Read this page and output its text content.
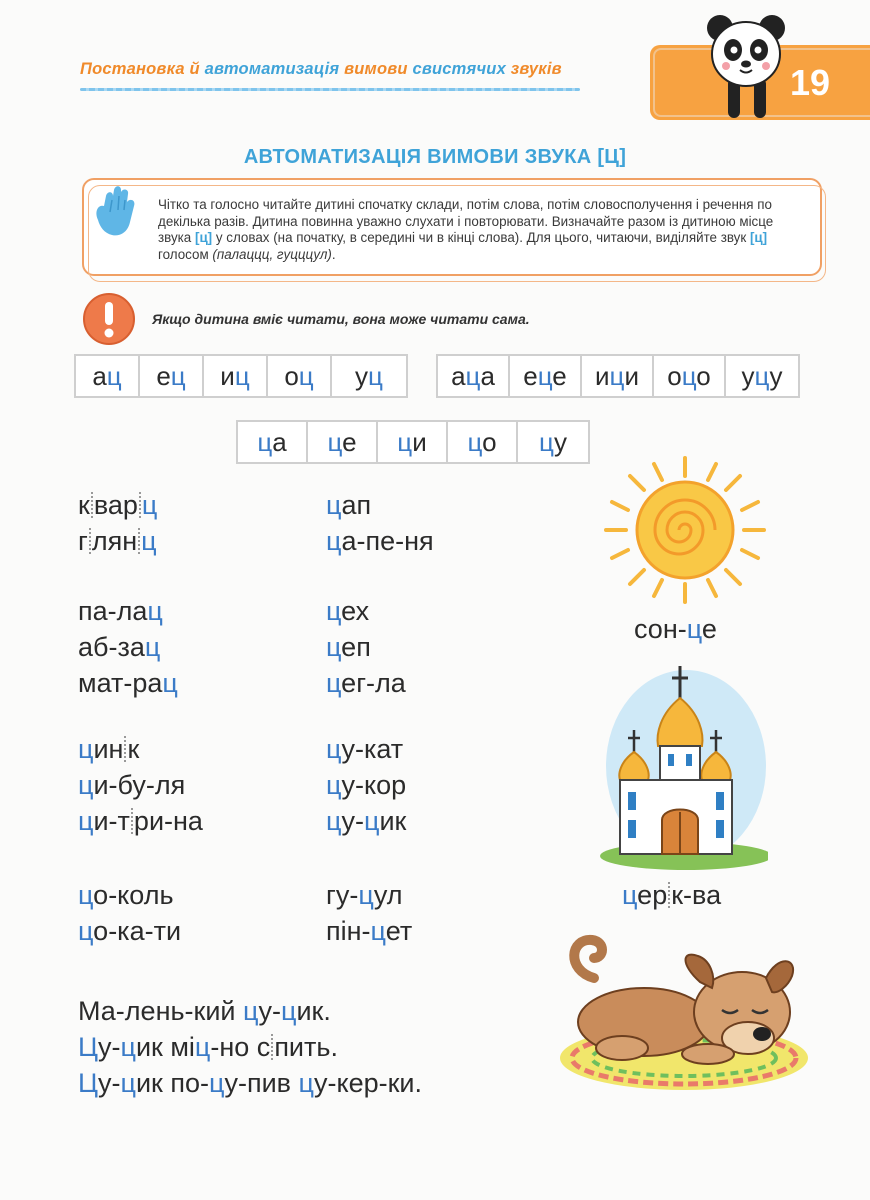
Постановка й автоматизація вимови свистячих звуків	19
АВТОМАТИЗАЦІЯ ВИМОВИ ЗВУКА [Ц]
Чітко та голосно читайте дитині спочатку склади, потім слова, потім словосполучення і речення по декілька разів. Дитина повинна уважно слухати і повторювати. Визначайте разом із дитиною місце звука [ц] у словах (на початку, в середині чи в кінці слова). Для цього, читаючи, виділяйте звук [ц] голосом (палаццц, гуцццул).
Якщо дитина вміє читати, вона може читати сама.
ац	ец	иц	оц	уц	аца	еце	ици	оцо	уцу
ца	це	ци	цо	цу
к вар ц
г лян ц
па-лац
аб-зац
мат-рац
цин к
ци-бу-ля
ци-т ри-на
цо-коль
цо-ка-ти
цап
ца-пе-ня
цех
цеп
цег-ла
цу-кат
цу-кор
цу-цик
гу-цул
пін-цет
сон-це
цер к-ва
Ма-лень-кий цу-цик.
Цу-цик міц-но с пить.
Цу-цик по-цу-пив цу-кер-ки.
